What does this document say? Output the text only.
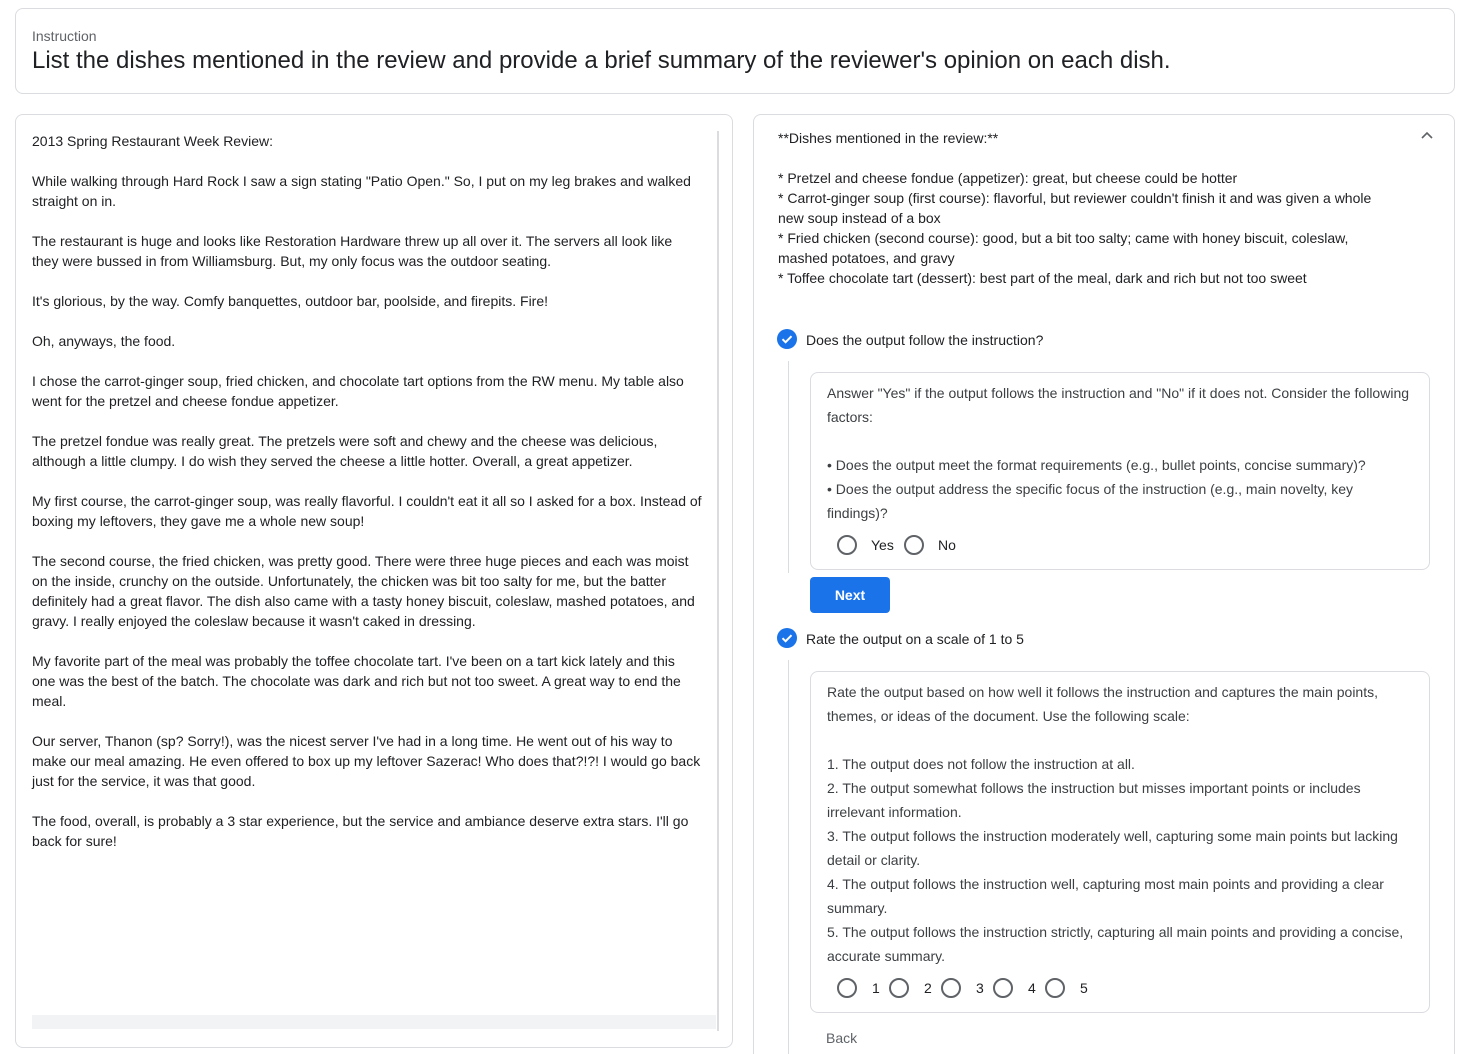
Instruction
List the dishes mentioned in the review and provide a brief summary of the reviewer's opinion on each dish.

2013 Spring Restaurant Week Review:

While walking through Hard Rock I saw a sign stating "Patio Open." So, I put on my leg brakes and walked straight on in.

The restaurant is huge and looks like Restoration Hardware threw up all over it. The servers all look like they were bussed in from Williamsburg. But, my only focus was the outdoor seating.

It's glorious, by the way. Comfy banquettes, outdoor bar, poolside, and firepits. Fire!

Oh, anyways, the food.

I chose the carrot-ginger soup, fried chicken, and chocolate tart options from the RW menu. My table also went for the pretzel and cheese fondue appetizer.

The pretzel fondue was really great. The pretzels were soft and chewy and the cheese was delicious, although a little clumpy. I do wish they served the cheese a little hotter. Overall, a great appetizer.

My first course, the carrot-ginger soup, was really flavorful. I couldn't eat it all so I asked for a box. Instead of boxing my leftovers, they gave me a whole new soup!

The second course, the fried chicken, was pretty good. There were three huge pieces and each was moist on the inside, crunchy on the outside. Unfortunately, the chicken was bit too salty for me, but the batter definitely had a great flavor. The dish also came with a tasty honey biscuit, coleslaw, mashed potatoes, and gravy. I really enjoyed the coleslaw because it wasn't caked in dressing.

My favorite part of the meal was probably the toffee chocolate tart. I've been on a tart kick lately and this one was the best of the batch. The chocolate was dark and rich but not too sweet. A great way to end the meal.

Our server, Thanon (sp? Sorry!), was the nicest server I've had in a long time. He went out of his way to make our meal amazing. He even offered to box up my leftover Sazerac! Who does that?!?! I would go back just for the service, it was that good.

The food, overall, is probably a 3 star experience, but the service and ambiance deserve extra stars. I'll go back for sure!

**Dishes mentioned in the review:**
* Pretzel and cheese fondue (appetizer): great, but cheese could be hotter
* Carrot-ginger soup (first course): flavorful, but reviewer couldn't finish it and was given a whole new soup instead of a box
* Fried chicken (second course): good, but a bit too salty; came with honey biscuit, coleslaw, mashed potatoes, and gravy
* Toffee chocolate tart (dessert): best part of the meal, dark and rich but not too sweet
Does the output follow the instruction?
Answer "Yes" if the output follows the instruction and "No" if it does not. Consider the following factors:
• Does the output meet the format requirements (e.g., bullet points, concise summary)?
• Does the output address the specific focus of the instruction (e.g., main novelty, key findings)?
Yes	No
Next
Rate the output on a scale of 1 to 5
Rate the output based on how well it follows the instruction and captures the main points, themes, or ideas of the document. Use the following scale:
1. The output does not follow the instruction at all.
2. The output somewhat follows the instruction but misses important points or includes irrelevant information.
3. The output follows the instruction moderately well, capturing some main points but lacking detail or clarity.
4. The output follows the instruction well, capturing most main points and providing a clear summary.
5. The output follows the instruction strictly, capturing all main points and providing a concise, accurate summary.
1	2	3	4	5
Back
